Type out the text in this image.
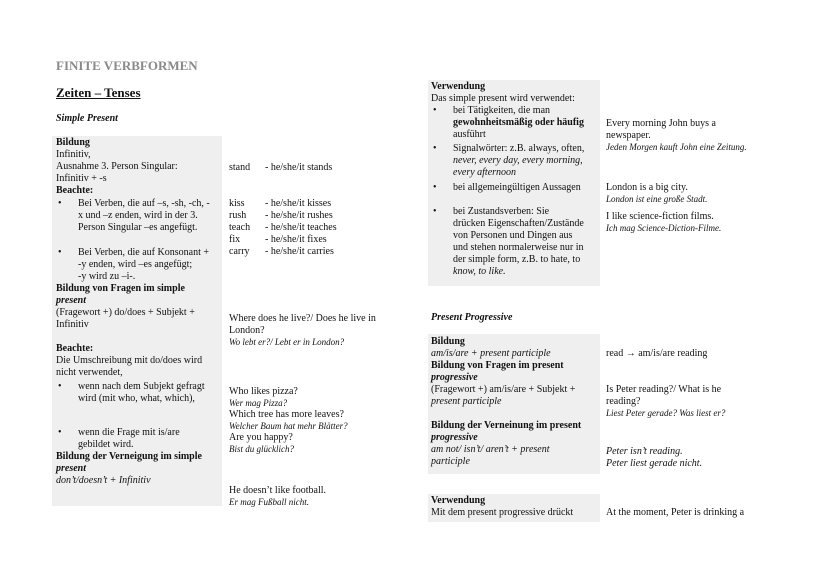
FINITE VERBFORMEN
Zeiten – Tenses
Simple Present
Bildung
Infinitiv,
Ausnahme 3. Person Singular:
Infinitiv + -s
Beachte:
• Bei Verben, die auf –s, -sh, -ch, -
x und –z enden, wird in der 3.
Person Singular –es angefügt.
• Bei Verben, die auf Konsonant +
-y enden, wird –es angefügt;
-y wird zu –i-.
Bildung von Fragen im simple
present
(Fragewort +) do/does + Subjekt +
Infinitiv
Beachte:
Die Umschreibung mit do/does wird
nicht verwendet,
• wenn nach dem Subjekt gefragt
wird (mit who, what, which),
• wenn die Frage mit is/are
gebildet wird.
Bildung der Verneigung im simple
present
don’t/doesn’t + Infinitiv
stand - he/she/it stands
kiss - he/she/it kisses
rush - he/she/it rushes
teach - he/she/it teaches
fix - he/she/it fixes
carry - he/she/it carries
Where does he live?/ Does he live in
London?
Wo lebt er?/ Lebt er in London?
Who likes pizza?
Wer mag Pizza?
Which tree has more leaves?
Welcher Baum hat mehr Blätter?
Are you happy?
Bist du glücklich?
He doesn’t like football.
Er mag Fußball nicht.
Verwendung
Das simple present wird verwendet:
• bei Tätigkeiten, die man
gewohnheitsmäßig oder häufig
ausführt
• Signalwörter: z.B. always, often,
never, every day, every morning,
every afternoon
• bei allgemeingültigen Aussagen
• bei Zustandsverben: Sie
drücken Eigenschaften/Zustände
von Personen und Dingen aus
und stehen normalerweise nur in
der simple form, z.B. to hate, to
know, to like.
Every morning John buys a
newspaper.
Jeden Morgen kauft John eine Zeitung.
London is a big city.
London ist eine große Stadt.
I like science-fiction films.
Ich mag Science-Diction-Filme.
Present Progressive
Bildung
am/is/are + present participle
Bildung von Fragen im present
progressive
(Fragewort +) am/is/are + Subjekt +
present participle
Bildung der Verneinung im present
progressive
am not/ isn’t/ aren’t + present
participle
read → am/is/are reading
Is Peter reading?/ What is he
reading?
Liest Peter gerade? Was liest er?
Peter isn’t reading.
Peter liest gerade nicht.
Verwendung
Mit dem present progressive drückt	At the moment, Peter is drinking a
